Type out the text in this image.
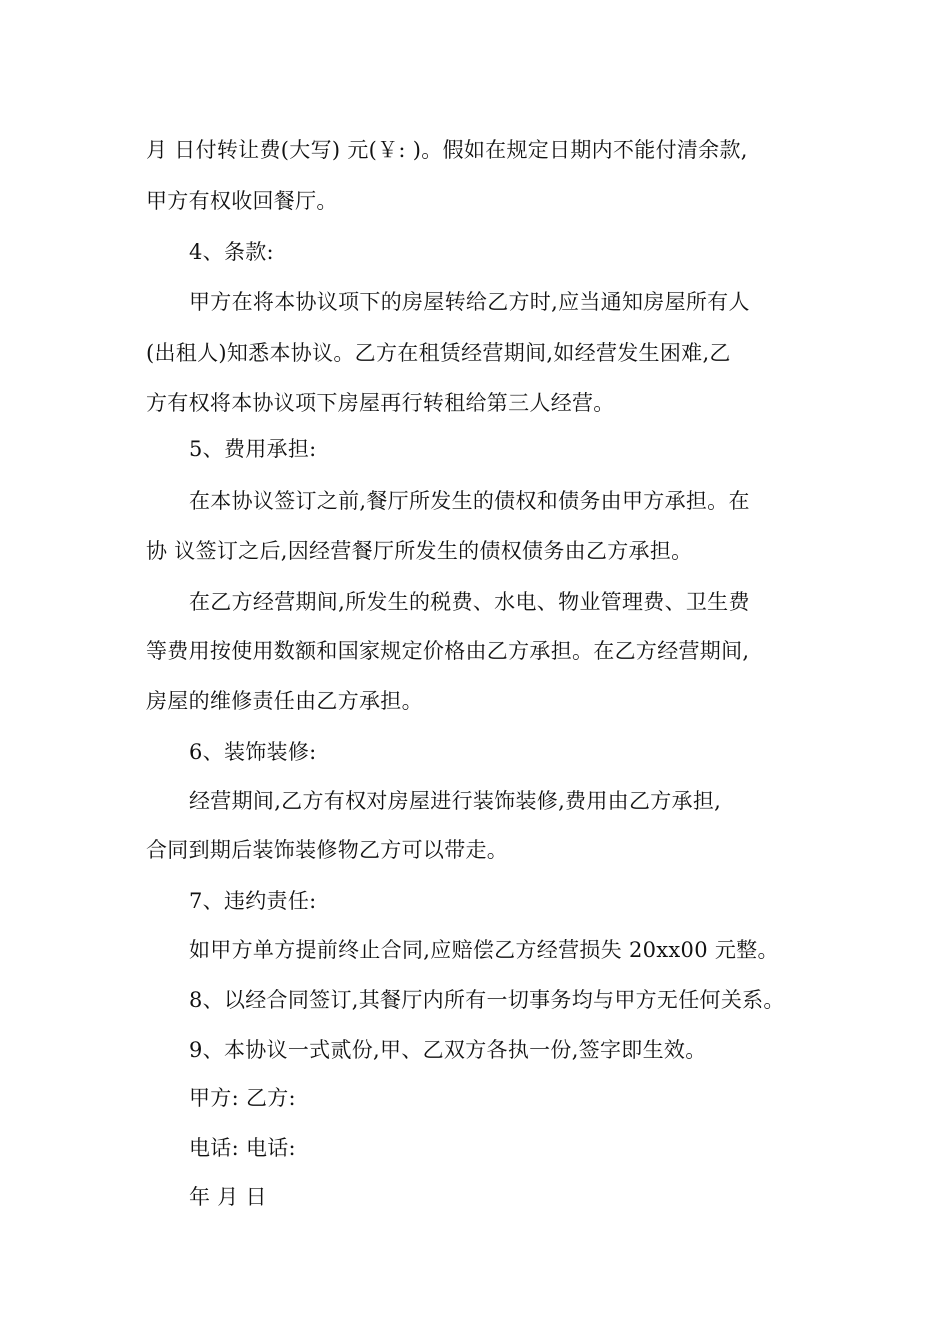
月 日付转让费(大写) 元(￥: )。假如在规定日期内不能付清余款,
甲方有权收回餐厅。
4、条款:
甲方在将本协议项下的房屋转给乙方时,应当通知房屋所有人
(出租人)知悉本协议。乙方在租赁经营期间,如经营发生困难,乙
方有权将本协议项下房屋再行转租给第三人经营。
5、费用承担:
在本协议签订之前,餐厅所发生的债权和债务由甲方承担。在
协 议签订之后,因经营餐厅所发生的债权债务由乙方承担。
在乙方经营期间,所发生的税费、水电、物业管理费、卫生费
等费用按使用数额和国家规定价格由乙方承担。在乙方经营期间,
房屋的维修责任由乙方承担。
6、装饰装修:
经营期间,乙方有权对房屋进行装饰装修,费用由乙方承担,
合同到期后装饰装修物乙方可以带走。
7、违约责任:
如甲方单方提前终止合同,应赔偿乙方经营损失 20xx00 元整。
8、以经合同签订,其餐厅内所有一切事务均与甲方无任何关系。
9、本协议一式贰份,甲、乙双方各执一份,签字即生效。
甲方: 乙方:
电话: 电话:
年 月 日
